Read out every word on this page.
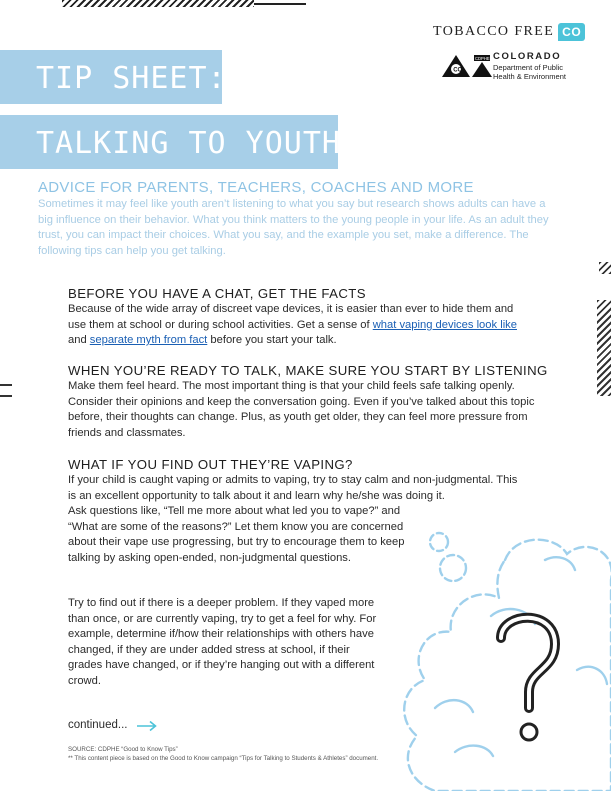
TOBACCO FREE CO
CO
CDPHE COLORADO
Department of Public Health & Environment
TIP SHEET:
TALKING TO YOUTH
ADVICE FOR PARENTS, TEACHERS, COACHES AND MORE
Sometimes it may feel like youth aren’t listening to what you say but research shows adults can have a big influence on their behavior. What you think matters to the young people in your life. As an adult they trust, you can impact their choices. What you say, and the example you set, make a difference. The following tips can help you get talking.
BEFORE YOU HAVE A CHAT, GET THE FACTS
Because of the wide array of discreet vape devices, it is easier than ever to hide them and use them at school or during school activities. Get a sense of what vaping devices look like and separate myth from fact before you start your talk.
WHEN YOU’RE READY TO TALK, MAKE SURE YOU START BY LISTENING
Make them feel heard. The most important thing is that your child feels safe talking openly. Consider their opinions and keep the conversation going. Even if you’ve talked about this topic before, their thoughts can change. Plus, as youth get older, they can feel more pressure from friends and classmates.
WHAT IF YOU FIND OUT THEY’RE VAPING?
If your child is caught vaping or admits to vaping, try to stay calm and non-judgmental. This is an excellent opportunity to talk about it and learn why he/she was doing it.
Ask questions like, “Tell me more about what led you to vape?” and “What are some of the reasons?” Let them know you are concerned about their vape use progressing, but try to encourage them to keep talking by asking open-ended, non-judgmental questions.
Try to find out if there is a deeper problem. If they vaped more than once, or are currently vaping, try to get a feel for why. For example, determine if/how their relationships with others have changed, if they are under added stress at school, if their grades have changed, or if they’re hanging out with a different crowd.
continued...
SOURCE: CDPHE “Good to Know Tips”
** This content piece is based on the Good to Know campaign “Tips for Talking to Students & Athletes” document.
